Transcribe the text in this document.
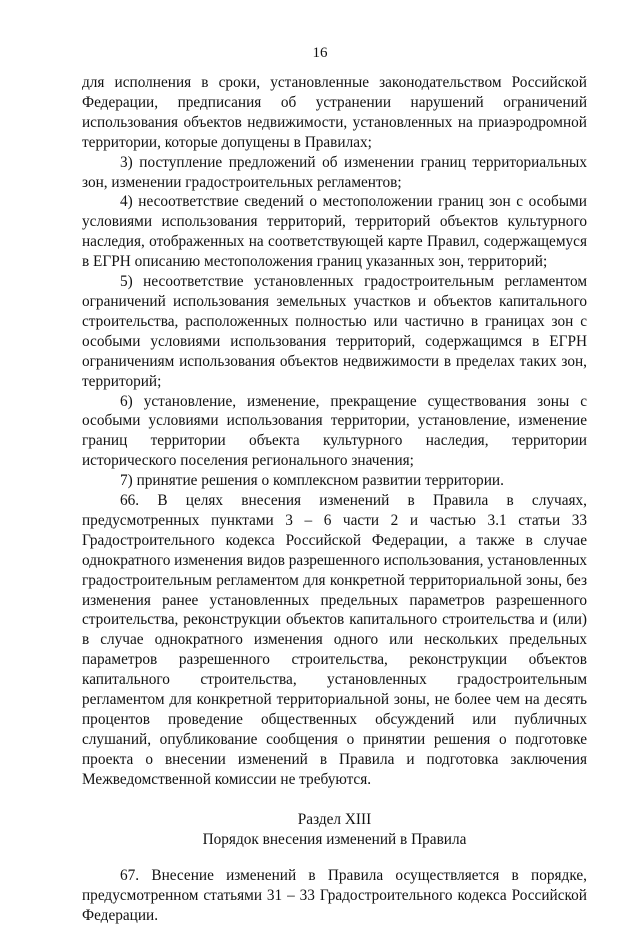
16

для исполнения в сроки, установленные законодательством Российской Федерации, предписания об устранении нарушений ограничений использования объектов недвижимости, установленных на приаэродромной территории, которые допущены в Правилах;

3) поступление предложений об изменении границ территориальных зон, изменении градостроительных регламентов;

4) несоответствие сведений о местоположении границ зон с особыми условиями использования территорий, территорий объектов культурного наследия, отображенных на соответствующей карте Правил, содержащемуся в ЕГРН описанию местоположения границ указанных зон, территорий;

5) несоответствие установленных градостроительным регламентом ограничений использования земельных участков и объектов капитального строительства, расположенных полностью или частично в границах зон с особыми условиями использования территорий, содержащимся в ЕГРН ограничениям использования объектов недвижимости в пределах таких зон, территорий;

6) установление, изменение, прекращение существования зоны с особыми условиями использования территории, установление, изменение границ территории объекта культурного наследия, территории исторического поселения регионального значения;

7) принятие решения о комплексном развитии территории.

66. В целях внесения изменений в Правила в случаях, предусмотренных пунктами 3 – 6 части 2 и частью 3.1 статьи 33 Градостроительного кодекса Российской Федерации, а также в случае однократного изменения видов разрешенного использования, установленных градостроительным регламентом для конкретной территориальной зоны, без изменения ранее установленных предельных параметров разрешенного строительства, реконструкции объектов капитального строительства и (или) в случае однократного изменения одного или нескольких предельных параметров разрешенного строительства, реконструкции объектов капитального строительства, установленных градостроительным регламентом для конкретной территориальной зоны, не более чем на десять процентов проведение общественных обсуждений или публичных слушаний, опубликование сообщения о принятии решения о подготовке проекта о внесении изменений в Правила и подготовка заключения Межведомственной комиссии не требуются.

Раздел XIII

Порядок внесения изменений в Правила

67. Внесение изменений в Правила осуществляется в порядке, предусмотренном статьями 31 – 33 Градостроительного кодекса Российской Федерации.
